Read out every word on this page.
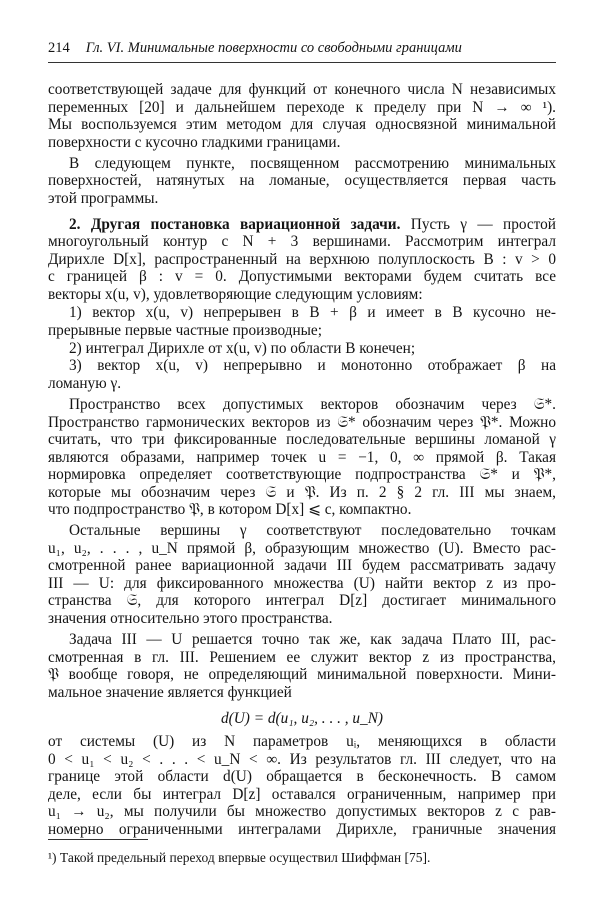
214 Гл. VI. Минимальные поверхности со свободными границами
соответствующей задаче для функций от конечного числа N независимых
переменных [20] и дальнейшем переходе к пределу при N → ∞ ¹).
Мы воспользуемся этим методом для случая односвязной минимальной
поверхности с кусочно гладкими границами.
В следующем пункте, посвященном рассмотрению минимальных
поверхностей, натянутых на ломаные, осуществляется первая часть
этой программы.
2. Другая постановка вариационной задачи. Пусть γ — простой
многоугольный контур с N + 3 вершинами. Рассмотрим интеграл
Дирихле D[x], распространенный на верхнюю полуплоскость B : v > 0
с границей β : v = 0. Допустимыми векторами будем считать все
векторы x(u, v), удовлетворяющие следующим условиям:
1) вектор x(u, v) непрерывен в B + β и имеет в B кусочно не-
прерывные первые частные производные;
2) интеграл Дирихле от x(u, v) по области B конечен;
3) вектор x(u, v) непрерывно и монотонно отображает β на
ломаную γ.
Пространство всех допустимых векторов обозначим через 𝔖*.
Пространство гармонических векторов из 𝔖* обозначим через 𝔓*. Можно
считать, что три фиксированные последовательные вершины ломаной γ
являются образами, например точек u = −1, 0, ∞ прямой β. Такая
нормировка определяет соответствующие подпространства 𝔖* и 𝔓*,
которые мы обозначим через 𝔖 и 𝔓. Из п. 2 § 2 гл. III мы знаем,
что подпространство 𝔓, в котором D[x] ⩽ c, компактно.
Остальные вершины γ соответствуют последовательно точкам
u₁, u₂, . . . , u_N прямой β, образующим множество (U). Вместо рас-
смотренной ранее вариационной задачи III будем рассматривать задачу
III — U: для фиксированного множества (U) найти вектор z из про-
странства 𝔖, для которого интеграл D[z] достигает минимального
значения относительно этого пространства.
Задача III — U решается точно так же, как задача Плато III, рас-
смотренная в гл. III. Решением ее служит вектор z из пространства,
𝔓 вообще говоря, не определяющий минимальной поверхности. Мини-
мальное значение является функцией
d(U) = d(u₁, u₂, . . . , u_N)
от системы (U) из N параметров uᵢ, меняющихся в области
0 < u₁ < u₂ < . . . < u_N < ∞. Из результатов гл. III следует, что на
границе этой области d(U) обращается в бесконечность. В самом
деле, если бы интеграл D[z] оставался ограниченным, например при
u₁ → u₂, мы получили бы множество допустимых векторов z с рав-
номерно ограниченными интегралами Дирихле, граничные значения
¹) Такой предельный переход впервые осуществил Шиффман [75].
